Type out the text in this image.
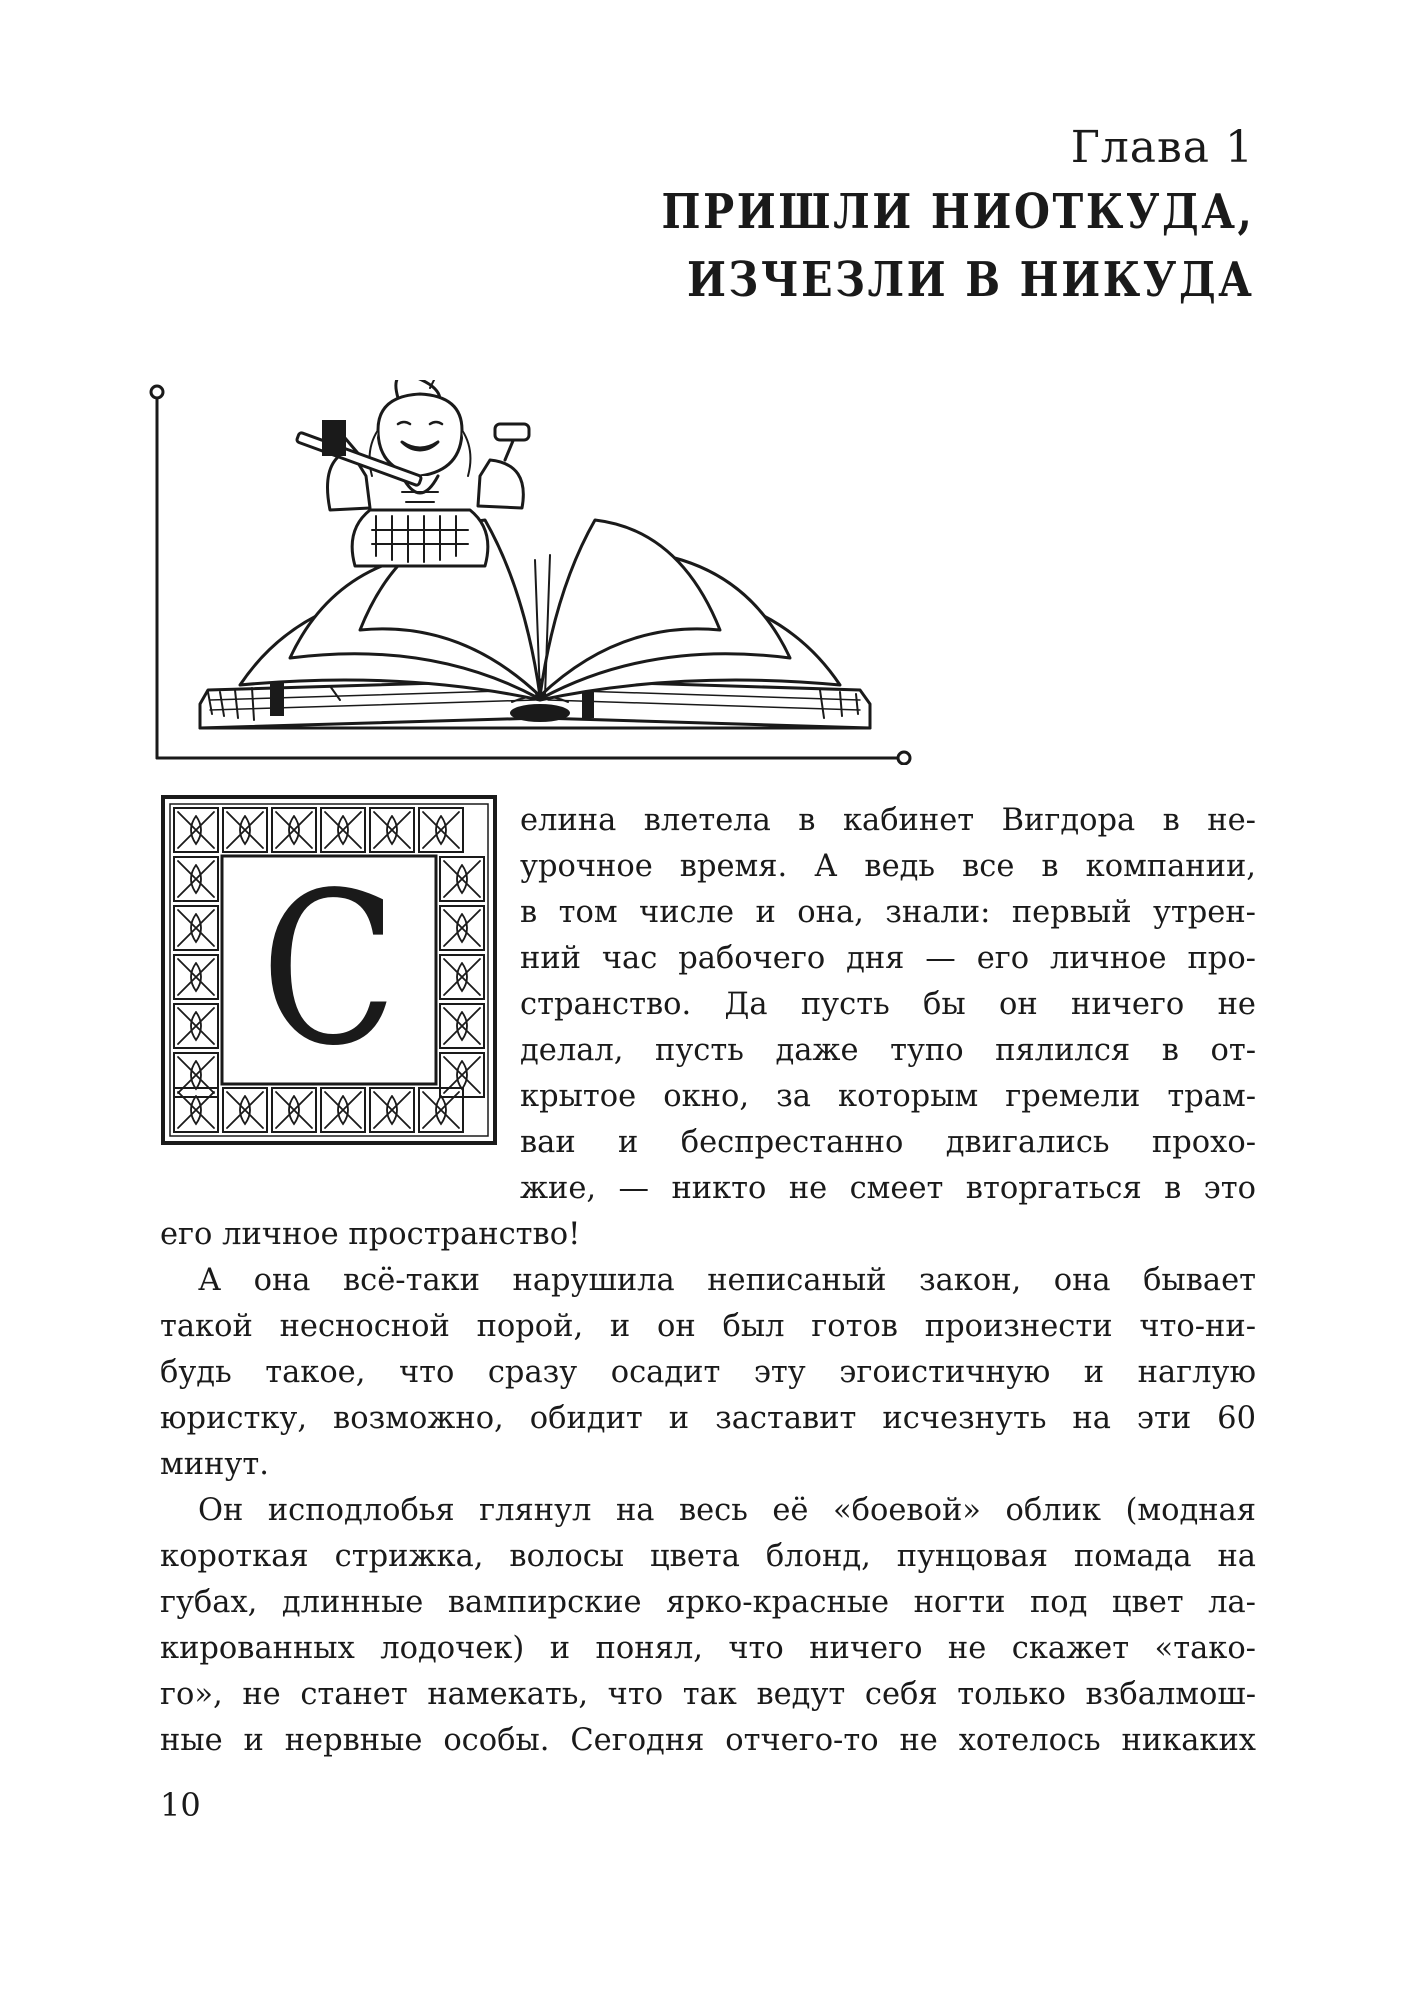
Глава 1
ПРИШЛИ НИОТКУДА,
ИЗЧЕЗЛИ В НИКУДА
С
елина влетела в кабинет Вигдора в не-
урочное время. А ведь все в компании,
в том числе и она, знали: первый утрен-
ний час рабочего дня — его личное про-
странство. Да пусть бы он ничего не
делал, пусть даже тупо пялился в от-
крытое окно, за которым гремели трам-
ваи и беспрестанно двигались прохо-
жие, — никто не смеет вторгаться в это
его личное пространство!
А она всё-таки нарушила неписаный закон, она бывает
такой несносной порой, и он был готов произнести что-ни-
будь такое, что сразу осадит эту эгоистичную и наглую
юристку, возможно, обидит и заставит исчезнуть на эти 60
минут.
Он исподлобья глянул на весь её «боевой» облик (модная
короткая стрижка, волосы цвета блонд, пунцовая помада на
губах, длинные вампирские ярко-красные ногти под цвет ла-
кированных лодочек) и понял, что ничего не скажет «тако-
го», не станет намекать, что так ведут себя только взбалмош-
ные и нервные особы. Сегодня отчего-то не хотелось никаких
10
